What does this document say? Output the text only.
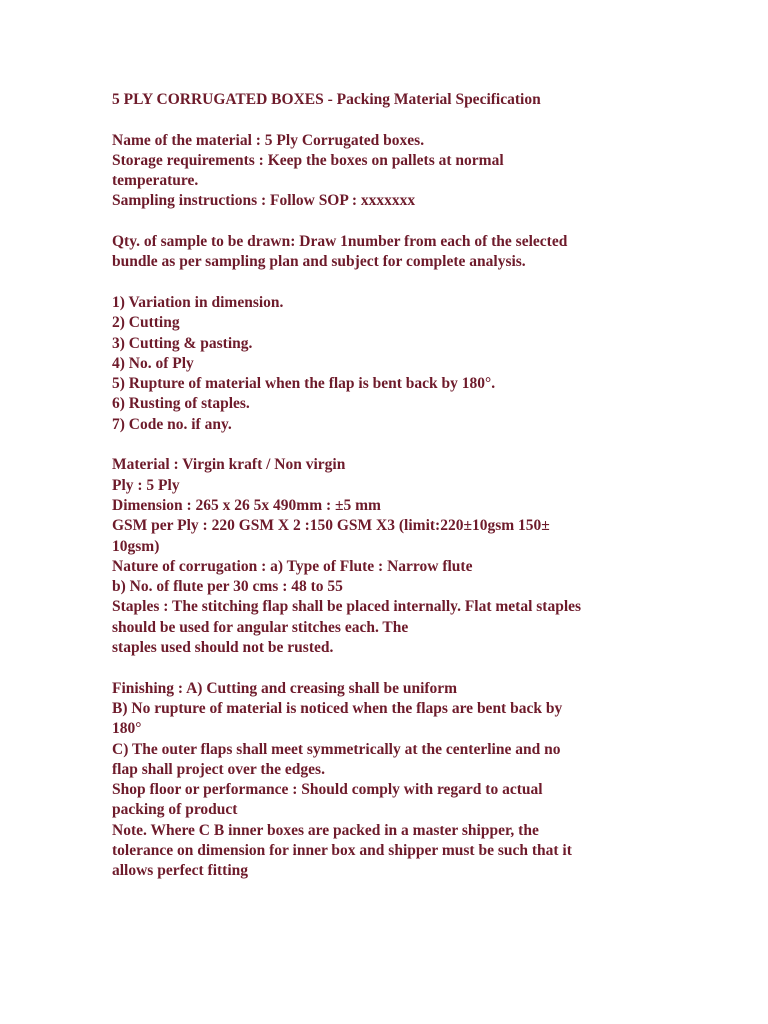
5 PLY CORRUGATED BOXES - Packing Material Specification
Name of the material : 5 Ply Corrugated boxes.
Storage requirements : Keep the boxes on pallets at normal
temperature.
Sampling instructions : Follow SOP : xxxxxxx
Qty. of sample to be drawn: Draw 1number from each of the selected
bundle as per sampling plan and subject for complete analysis.
1) Variation in dimension.
2) Cutting
3) Cutting & pasting.
4) No. of Ply
5) Rupture of material when the flap is bent back by 180°.
6) Rusting of staples.
7) Code no. if any.
Material : Virgin kraft / Non virgin
Ply : 5 Ply
Dimension : 265 x 26 5x 490mm : ±5 mm
GSM per Ply : 220 GSM X 2 :150 GSM X3 (limit:220±10gsm 150±
10gsm)
Nature of corrugation : a) Type of Flute : Narrow flute
b) No. of flute per 30 cms : 48 to 55
Staples : The stitching flap shall be placed internally. Flat metal staples
should be used for angular stitches each. The
staples used should not be rusted.
Finishing : A) Cutting and creasing shall be uniform
B) No rupture of material is noticed when the flaps are bent back by
180°
C) The outer flaps shall meet symmetrically at the centerline and no
flap shall project over the edges.
Shop floor or performance : Should comply with regard to actual
packing of product
Note. Where C B inner boxes are packed in a master shipper, the
tolerance on dimension for inner box and shipper must be such that it
allows perfect fitting
